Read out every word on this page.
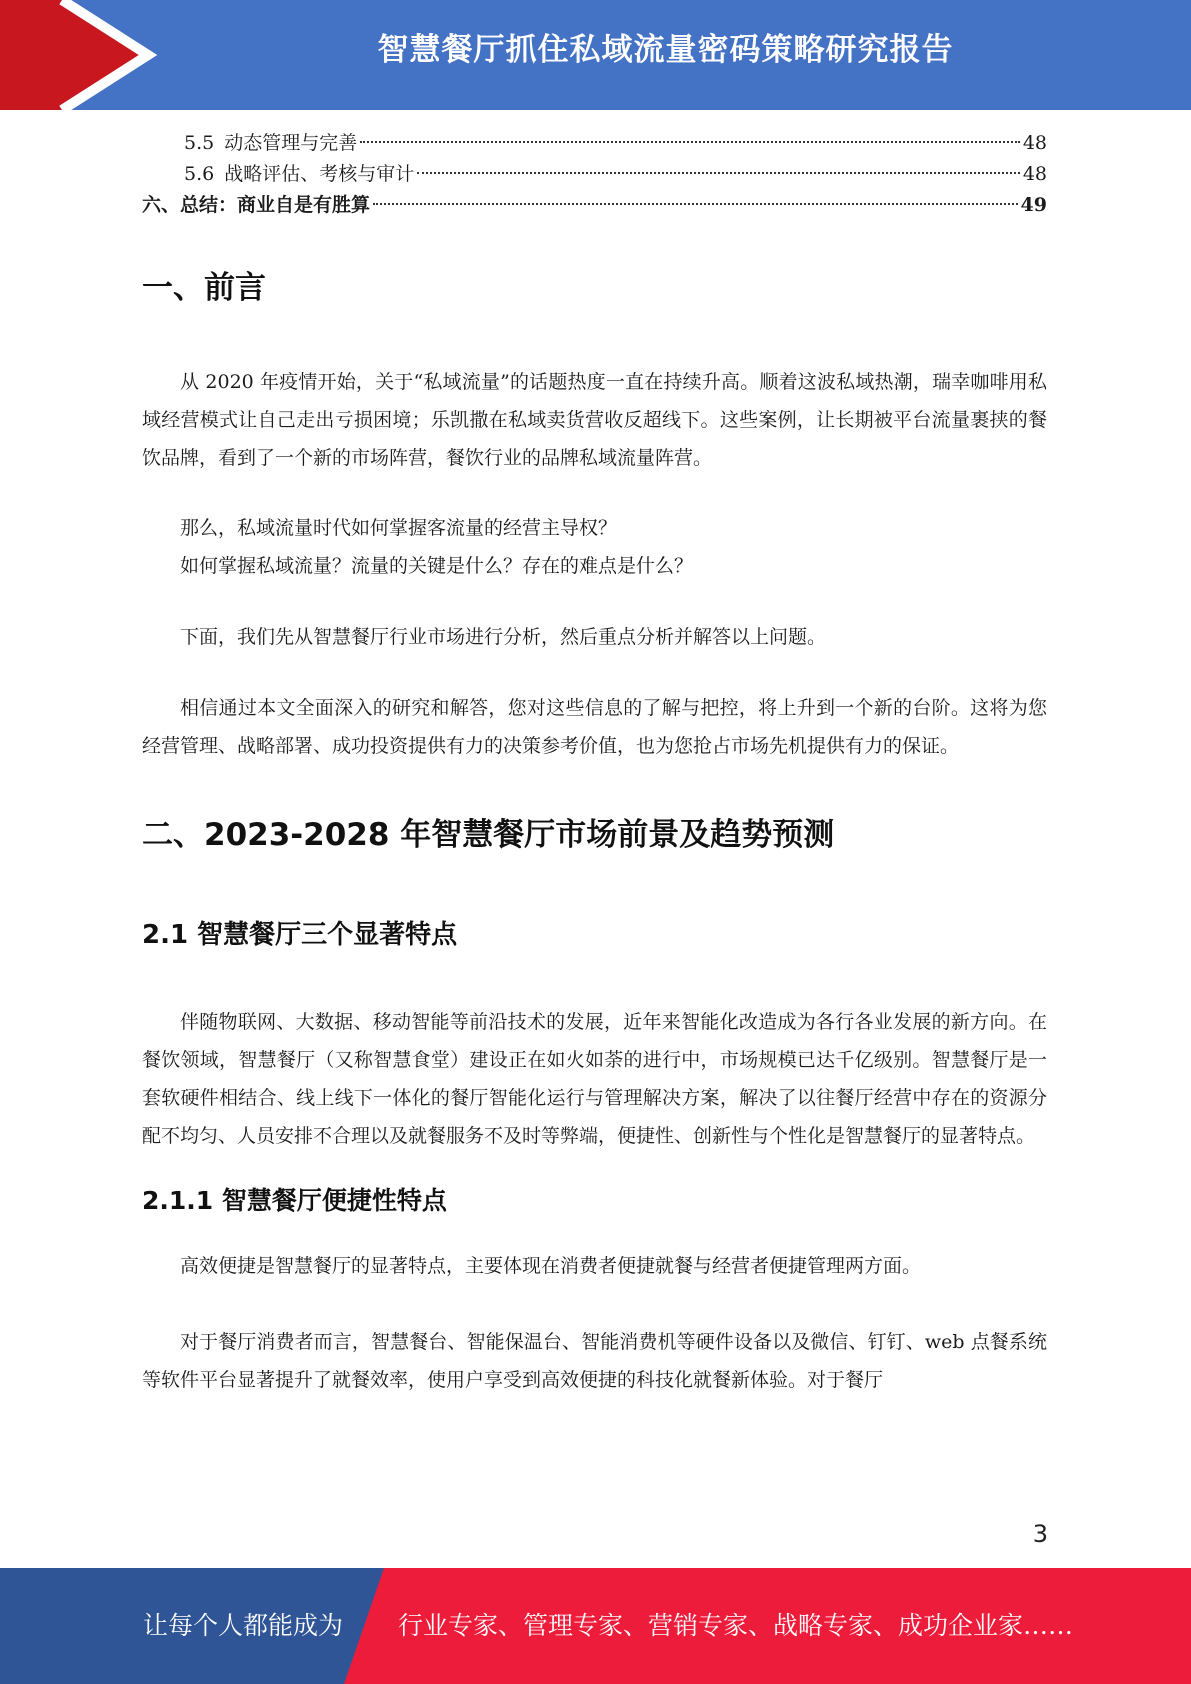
智慧餐厅抓住私域流量密码策略研究报告
5.5 动态管理与完善	48
5.6 战略评估、考核与审计	48
六、总结：商业自是有胜算	49
一、前言

从 2020 年疫情开始，关于“私域流量”的话题热度一直在持续升高。顺着这波私域热潮，瑞幸咖啡用私域经营模式让自己走出亏损困境；乐凯撒在私域卖货营收反超线下。这些案例，让长期被平台流量裹挟的餐饮品牌，看到了一个新的市场阵营，餐饮行业的品牌私域流量阵营。

那么，私域流量时代如何掌握客流量的经营主导权？

如何掌握私域流量？流量的关键是什么？存在的难点是什么？

下面，我们先从智慧餐厅行业市场进行分析，然后重点分析并解答以上问题。

相信通过本文全面深入的研究和解答，您对这些信息的了解与把控，将上升到一个新的台阶。这将为您经营管理、战略部署、成功投资提供有力的决策参考价值，也为您抢占市场先机提供有力的保证。

二、2023-2028 年智慧餐厅市场前景及趋势预测
2.1 智慧餐厅三个显著特点

伴随物联网、大数据、移动智能等前沿技术的发展，近年来智能化改造成为各行各业发展的新方向。在餐饮领域，智慧餐厅（又称智慧食堂）建设正在如火如荼的进行中，市场规模已达千亿级别。智慧餐厅是一套软硬件相结合、线上线下一体化的餐厅智能化运行与管理解决方案，解决了以往餐厅经营中存在的资源分配不均匀、人员安排不合理以及就餐服务不及时等弊端，便捷性、创新性与个性化是智慧餐厅的显著特点。

2.1.1 智慧餐厅便捷性特点

高效便捷是智慧餐厅的显著特点，主要体现在消费者便捷就餐与经营者便捷管理两方面。

对于餐厅消费者而言，智慧餐台、智能保温台、智能消费机等硬件设备以及微信、钉钉、web 点餐系统等软件平台显著提升了就餐效率，使用户享受到高效便捷的科技化就餐新体验。对于餐厅

3
让每个人都能成为 行业专家、管理专家、营销专家、战略专家、成功企业家……
